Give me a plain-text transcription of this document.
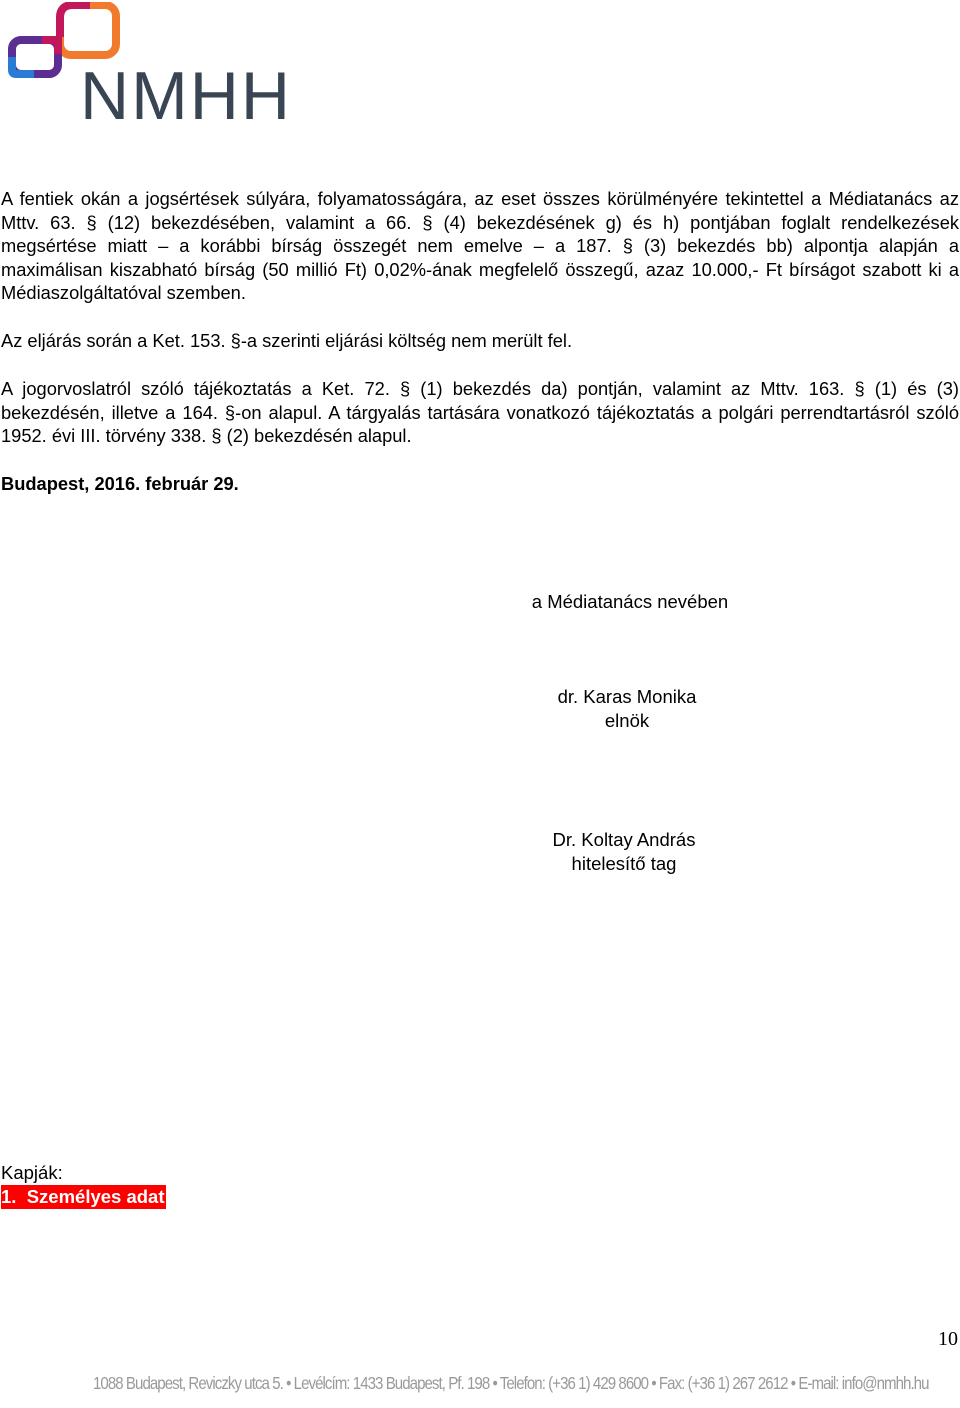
NMHH

A fentiek okán a jogsértések súlyára, folyamatosságára, az eset összes körülményére tekintettel a Médiatanács az Mttv. 63. § (12) bekezdésében, valamint a 66. § (4) bekezdésének g) és h) pontjában foglalt rendelkezések megsértése miatt – a korábbi bírság összegét nem emelve – a 187. § (3) bekezdés bb) alpontja alapján a maximálisan kiszabható bírság (50 millió Ft) 0,02%-ának megfelelő összegű, azaz 10.000,- Ft bírságot szabott ki a Médiaszolgáltatóval szemben.

Az eljárás során a Ket. 153. §-a szerinti eljárási költség nem merült fel.

A jogorvoslatról szóló tájékoztatás a Ket. 72. § (1) bekezdés da) pontján, valamint az Mttv. 163. § (1) és (3) bekezdésén, illetve a 164. §-on alapul. A tárgyalás tartására vonatkozó tájékoztatás a polgári perrendtartásról szóló 1952. évi III. törvény 338. § (2) bekezdésén alapul.

Budapest, 2016. február 29.

a Médiatanács nevében
dr. Karas Monika
elnök
Dr. Koltay András
hitelesítő tag
Kapják:
1.  Személyes adat
10
1088 Budapest, Reviczky utca 5. • Levélcím: 1433 Budapest, Pf. 198 • Telefon: (+36 1) 429 8600 • Fax: (+36 1) 267 2612 • E-mail: info@nmhh.hu
